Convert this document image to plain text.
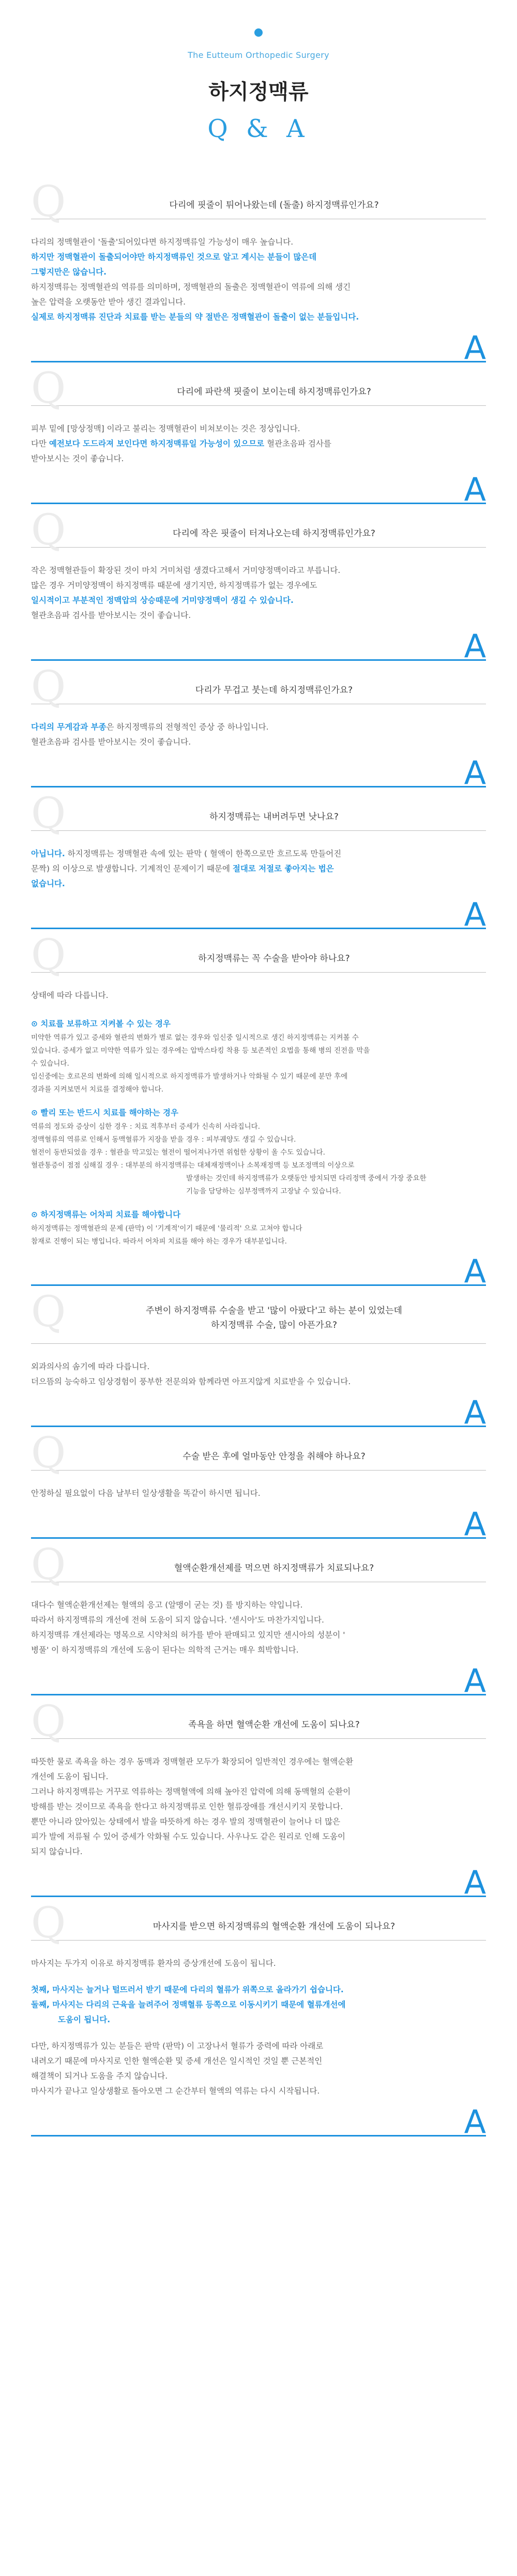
The Eutteum Orthopedic Surgery
하지정맥류
Q & A
Q	다리에 핏줄이 튀어나왔는데 (돌출) 하지정맥류인가요?

다리의 정맥혈관이 '돌출'되어있다면 하지정맥류일 가능성이 매우 높습니다.

하지만 정맥혈관이 돌출되어야만 하지정맥류인 것으로 알고 계시는 분들이 많은데

그렇지만은 않습니다.

하지정맥류는 정맥혈관의 역류를 의미하며, 정맥혈관의 돌출은 정맥혈관이 역류에 의해 생긴

높은 압력을 오랫동안 받아 생긴 결과입니다.

실제로 하지정맥류 진단과 치료를 받는 분들의 약 절반은 정맥혈관이 돌출이 없는 분들입니다.

A
Q	다리에 파란색 핏줄이 보이는데 하지정맥류인가요?

피부 밑에 [망상정맥] 이라고 불리는 정맥혈관이 비쳐보이는 것은 정상입니다.

다만 예전보다 도드라져 보인다면 하지정맥류일 가능성이 있으므로 혈관초음파 검사를

받아보시는 것이 좋습니다.

A
Q	다리에 작은 핏줄이 터져나오는데 하지정맥류인가요?

작은 정맥혈관들이 확장된 것이 마치 거미처럼 생겼다고해서 거미양정맥이라고 부릅니다.

많은 경우 거미양정맥이 하지정맥류 때문에 생기지만, 하지정맥류가 없는 경우에도

일시적이고 부분적인 정맥압의 상승때문에 거미양정맥이 생길 수 있습니다.

혈관초음파 검사를 받아보시는 것이 좋습니다.

A
Q	다리가 무겁고 붓는데 하지정맥류인가요?

다리의 무게감과 부종은 하지정맥류의 전형적인 증상 중 하나입니다.

혈관초음파 검사를 받아보시는 것이 좋습니다.

A
Q	하지정맥류는 내버려두면 낫나요?

아닙니다. 하지정맥류는 정맥혈관 속에 있는 판막 ( 혈액이 한쪽으로만 흐르도록 만들어진

문짝) 의 이상으로 발생합니다. 기계적인 문제이기 때문에 절대로 저절로 좋아지는 법은

없습니다.

A
Q	하지정맥류는 꼭 수술을 받아야 하나요?

상태에 따라 다릅니다.

⊙ 치료를 보류하고 지켜볼 수 있는 경우

미약한 역류가 있고 증세와 혈관의 변화가 별로 없는 경우와 임신중 일시적으로 생긴 하지정맥류는 지켜볼 수

있습니다. 증세가 없고 미약한 역류가 있는 경우에는 압박스타킹 착용 등 보존적인 요법을 통해 병의 진전을 막을

수 있습니다.

임신중에는 호르몬의 변화에 의해 일시적으로 하지정맥류가 발생하거나 악화될 수 있기 때문에 분만 후에

경과를 지켜보면서 치료를 결정해야 합니다.

⊙ 빨리 또는 반드시 치료를 해야하는 경우

역류의 정도와 증상이 심한 경우 : 치료 적후부터 증세가 신속히 사라집니다.

정맥혈류의 역류로 인해서 동맥혈류가 지장을 받을 경우 : 피부궤양도 생길 수 있습니다.

혈전이 동반되었을 경우 : 혈관을 막고있는 혈전이 떨어져나가면 위험한 상황이 올 수도 있습니다.

혈관통증이 점점 심해질 경우 : 대부분의 하지정맥류는 대체재정맥이나 소복재정맥 등 보조정맥의 이상으로

발생하는 것인데 하지정맥류가 오랫동안 방치되면 다리정맥 중에서 가장 중요한

기능을 담당하는 심부정맥까지 고장날 수 있습니다.

⊙ 하지정맥류는 어차피 치료를 해야합니다

하지정맥류는 정맥혈관의 문제 (판막) 이 '기계적'이기 때문에 '물리적' 으로 고쳐야 합니다

참재로 진행이 되는 병입니다. 따라서 어차피 치료를 해야 하는 경우가 대부분입니다.

A
Q	주변이 하지정맥류 수술을 받고 '많이 아팠다'고 하는 분이 있었는데
하지정맥류 수술, 많이 아픈가요?

외과의사의 솜기에 따라 다릅니다.

더으뜸의 능숙하고 임상경험이 풍부한 전문의와 함께라면 아프지않게 치료받을 수 있습니다.

A
Q	수술 받은 후에 얼마동안 안정을 취해야 하나요?

안정하실 필요없이 다음 날부터 일상생활을 똑같이 하시면 됩니다.

A
Q	혈액순환개선제를 먹으면 하지정맥류가 치료되나요?

대다수 혈액순환개선제는 혈액의 응고 (알맹이 굳는 것) 를 방지하는 약입니다.

따라서 하지정맥류의 개선에 전혀 도움이 되지 않습니다. '센시아'도 마찬가지입니다.

하지정맥류 개선제라는 명목으로 시약처의 허가를 받아 판매되고 있지만 센시아의 성분이 '

병풀' 이 하지정맥류의 개선에 도움이 된다는 의학적 근거는 매우 희박합니다.

A
Q	족욕을 하면 혈액순환 개선에 도움이 되나요?

따뜻한 물로 족욕을 하는 경우 동맥과 정맥혈관 모두가 확장되어 일반적인 경우에는 혈액순환

개선에 도움이 됩니다.

그러나 하지정맥류는 거꾸로 역류하는 정맥혈액에 의해 높아진 압력에 의해 동맥혈의 순환이

방해를 받는 것이므로 족욕을 한다고 하지정맥류로 인한 혈류장애를 개선시키지 못합니다.

뿐만 아니라 앉아있는 상태에서 발을 따뜻하게 하는 경우 발의 정맥혈관이 늘어나 더 많은

피가 발에 저류될 수 있어 증세가 악화될 수도 있습니다. 사우나도 같은 원리로 인해 도움이

되지 않습니다.

A
Q	마사지를 받으면 하지정맥류의 혈액순환 개선에 도움이 되나요?

마사지는 두가지 이유로 하지정맥류 환자의 증상개선에 도움이 됩니다.

첫째, 마사지는 늘거나 털뜨러서 받기 때문에 다리의 혈류가 위쪽으로 올라가기 쉽습니다.

둘째, 마사지는 다리의 근육을 늘려주어 정맥혈류 등쪽으로 이동시키기 때문에 혈류개선에

도움이 됩니다.

다만, 하지정맥류가 있는 분들은 판막 (판막) 이 고장나서 혈류가 중력에 따라 아래로

내려오기 때문에 마사지로 인한 혈액순환 및 증세 개선은 일시적인 것일 뿐 근본적인

해결책이 되거나 도움을 주지 않습니다.

마사지가 끝나고 일상생활로 돌아오면 그 순간부터 혈액의 역류는 다시 시작됩니다.

A
